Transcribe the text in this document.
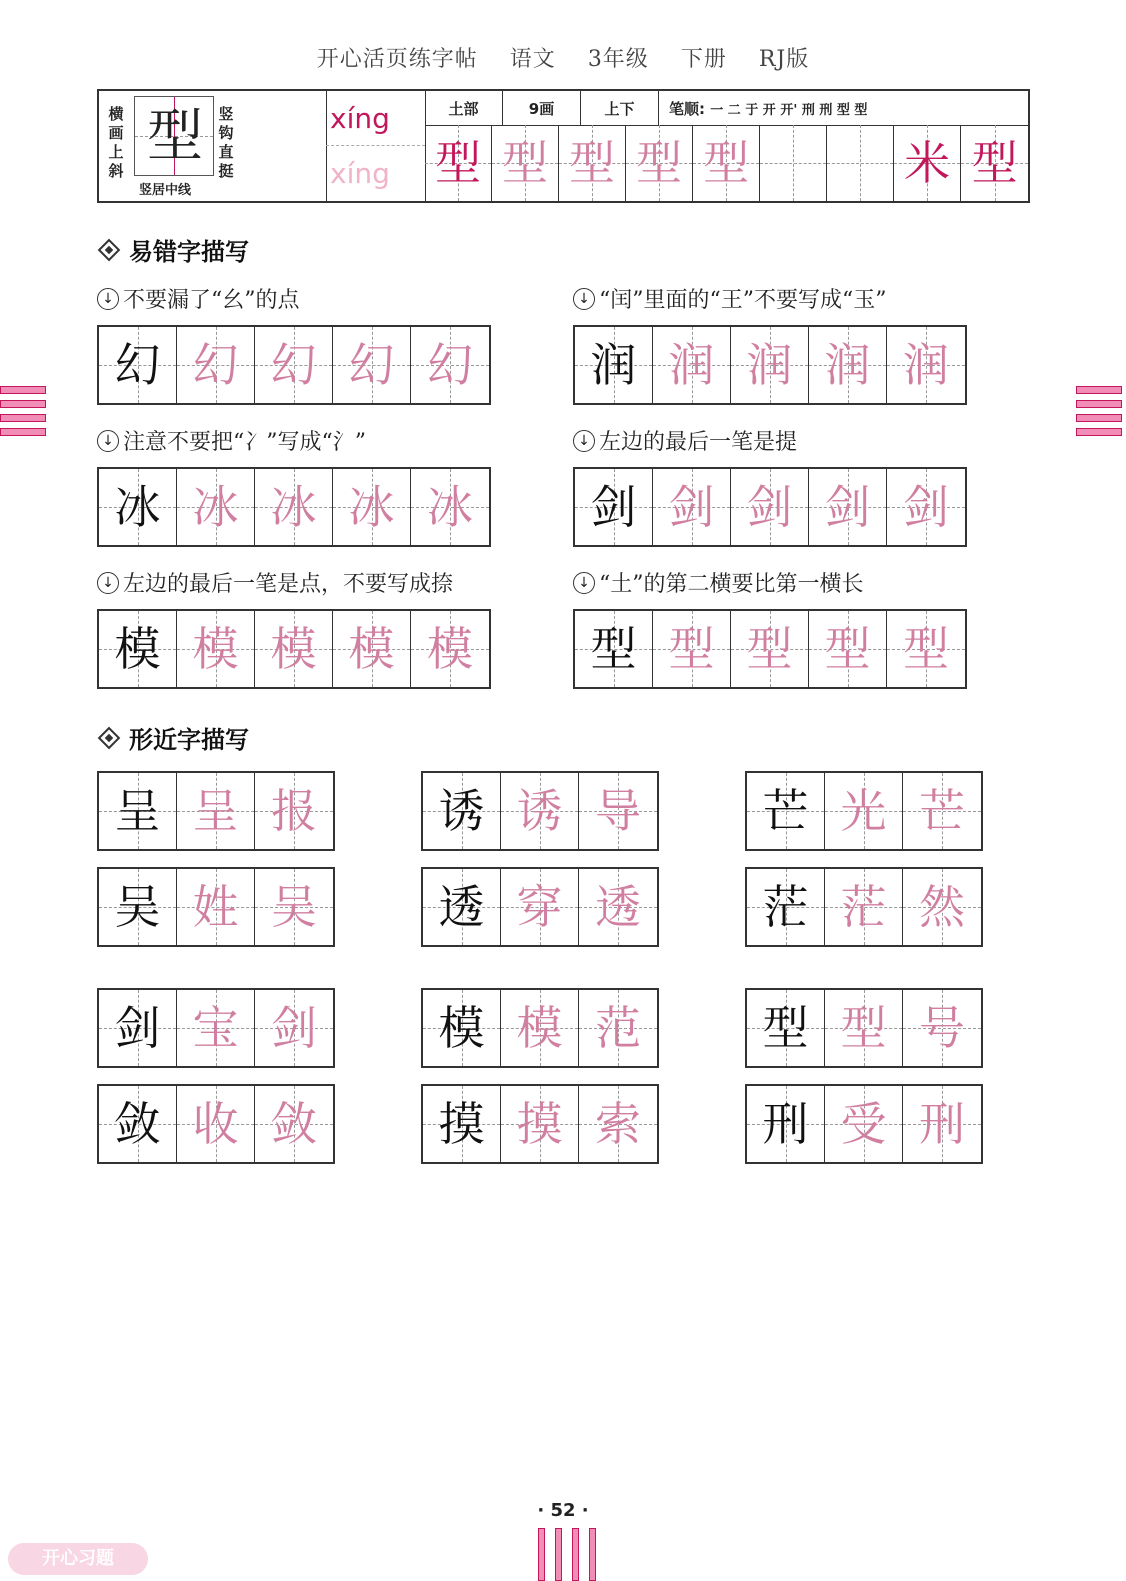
开心活页练字帖 语文 3年级 下册 RJ版
横
画
上
斜
型	竖
钩
直
挺
竖居中线
xíng
xíng
土部	9画	上下	笔顺:
一 二 于 开 开' 刑 刑 型 型
型 型 型 型 型	米 型
易错字描写
↓ 不要漏了“幺”的点
幻 幻 幻 幻 幻
↓ “闰”里面的“王”不要写成“玉”
润 润 润 润 润
↓ 注意不要把“冫”写成“氵”
冰 冰 冰 冰 冰
↓ 左边的最后一笔是提
剑 剑 剑 剑 剑
↓ 左边的最后一笔是点，不要写成捺
模 模 模 模 模
↓ “土”的第二横要比第一横长
型 型 型 型 型
形近字描写
呈 呈 报	诱 诱 导	芒 光 芒
吴 姓 吴	透 穿 透	茫 茫 然
剑 宝 剑	模 模 范	型 型 号
敛 收 敛	摸 摸 索	刑 受 刑
· 52 ·
开心习题
